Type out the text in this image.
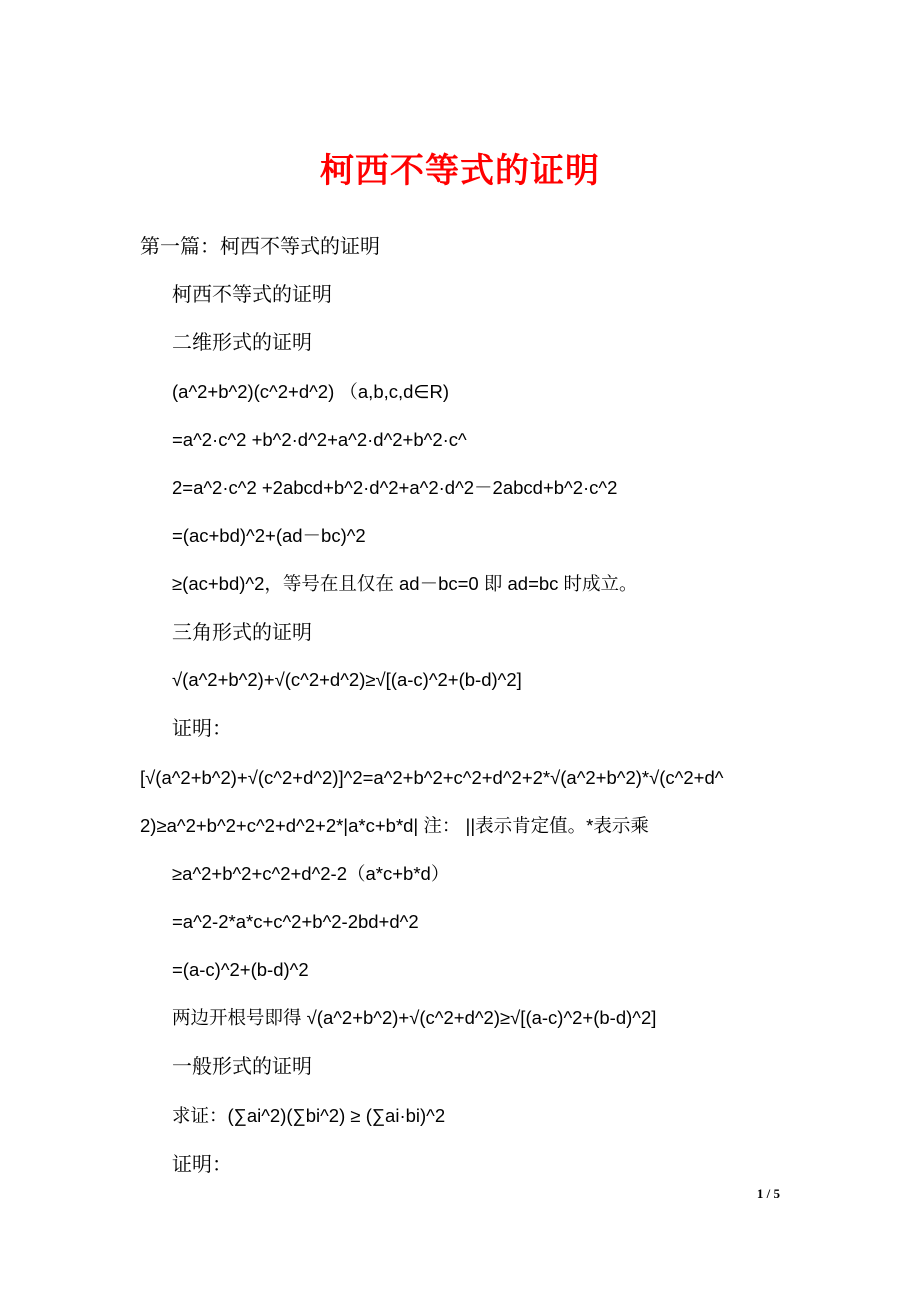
柯西不等式的证明
第一篇：柯西不等式的证明
柯西不等式的证明
二维形式的证明
(a^2+b^2)(c^2+d^2) （a,b,c,d∈R)
=a^2·c^2 +b^2·d^2+a^2·d^2+b^2·c^
2=a^2·c^2 +2abcd+b^2·d^2+a^2·d^2－2abcd+b^2·c^2
=(ac+bd)^2+(ad－bc)^2
≥(ac+bd)^2，等号在且仅在 ad－bc=0 即 ad=bc 时成立。
三角形式的证明
√(a^2+b^2)+√(c^2+d^2)≥√[(a-c)^2+(b-d)^2]
证明：
[√(a^2+b^2)+√(c^2+d^2)]^2=a^2+b^2+c^2+d^2+2*√(a^2+b^2)*√(c^2+d^
2)≥a^2+b^2+c^2+d^2+2*|a*c+b*d| 注： ||表示肯定值。*表示乘
≥a^2+b^2+c^2+d^2-2（a*c+b*d）
=a^2-2*a*c+c^2+b^2-2bd+d^2
=(a-c)^2+(b-d)^2
两边开根号即得 √(a^2+b^2)+√(c^2+d^2)≥√[(a-c)^2+(b-d)^2]
一般形式的证明
求证：(∑ai^2)(∑bi^2) ≥ (∑ai·bi)^2
证明：
1 / 5
